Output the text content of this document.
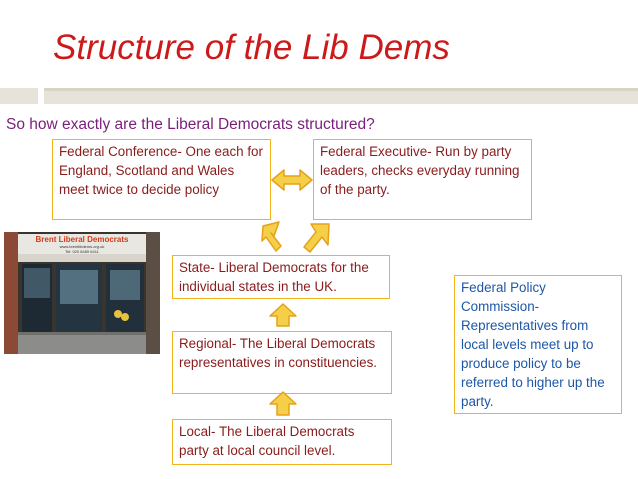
Structure of the Lib Dems
So how exactly are the Liberal Democrats structured?
Federal Conference- One each for England, Scotland and Wales meet twice to decide policy
Federal Executive- Run by party leaders, checks everyday running of the party.
State- Liberal Democrats for the individual states in the UK.
Regional- The Liberal Democrats representatives in constituencies.
Local- The Liberal Democrats party at local council level.
Federal Policy Commission- Representatives from local levels meet up to produce policy to be referred to higher up the party.
Brent Liberal Democrats
www.brentlibdems.org.uk
Tel: 020 8459 6411
